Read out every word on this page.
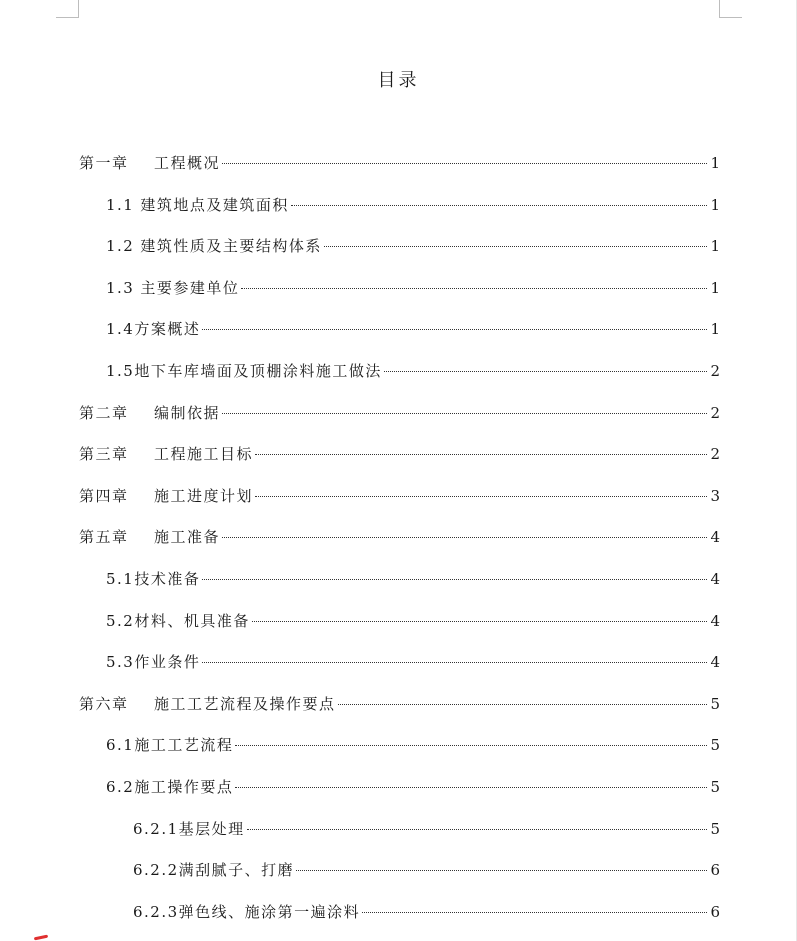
目录
第一章	工程概况	1
1.1 建筑地点及建筑面积	1
1.2 建筑性质及主要结构体系	1
1.3 主要参建单位	1
1.4 方案概述	1
1.5 地下车库墙面及顶棚涂料施工做法	2
第二章	编制依据	2
第三章	工程施工目标	2
第四章	施工进度计划	3
第五章	施工准备	4
5.1 技术准备	4
5.2 材料、机具准备	4
5.3 作业条件	4
第六章	施工工艺流程及操作要点	5
6.1 施工工艺流程	5
6.2 施工操作要点	5
6.2.1 基层处理	5
6.2.2 满刮腻子、打磨	6
6.2.3 弹色线、施涂第一遍涂料	6
